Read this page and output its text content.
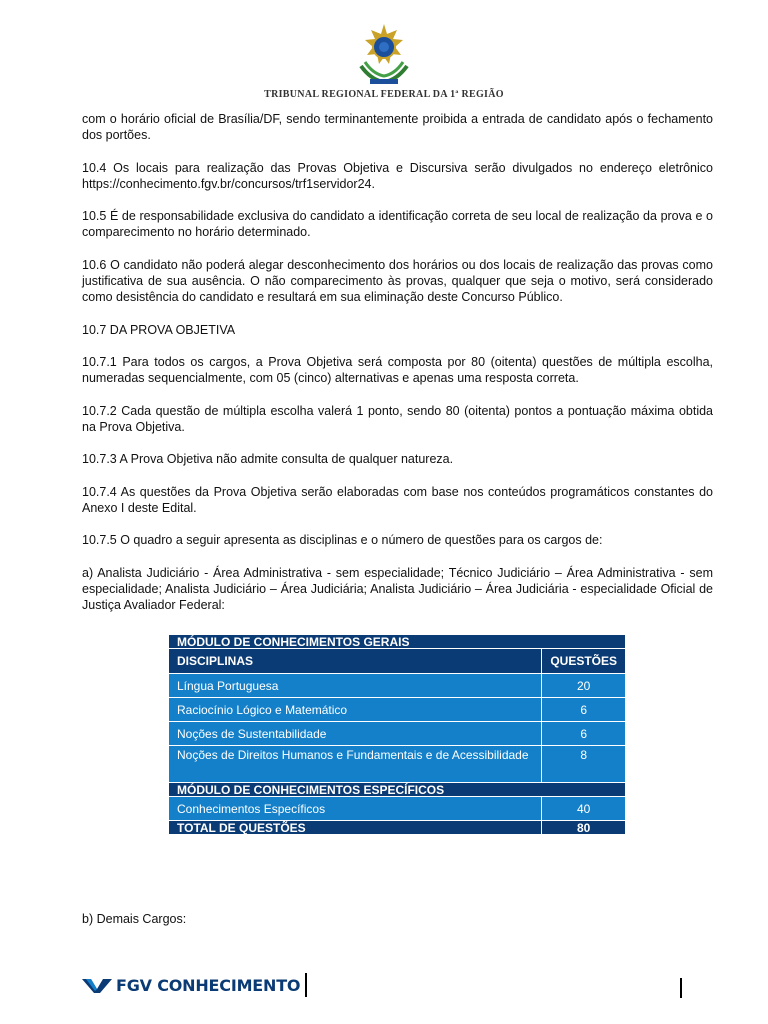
TRIBUNAL REGIONAL FEDERAL DA 1ª REGIÃO

com o horário oficial de Brasília/DF, sendo terminantemente proibida a entrada de candidato após o fechamento dos portões.

10.4 Os locais para realização das Provas Objetiva e Discursiva serão divulgados no endereço eletrônico https://conhecimento.fgv.br/concursos/trf1servidor24.

10.5 É de responsabilidade exclusiva do candidato a identificação correta de seu local de realização da prova e o comparecimento no horário determinado.

10.6 O candidato não poderá alegar desconhecimento dos horários ou dos locais de realização das provas como justificativa de sua ausência. O não comparecimento às provas, qualquer que seja o motivo, será considerado como desistência do candidato e resultará em sua eliminação deste Concurso Público.

10.7 DA PROVA OBJETIVA

10.7.1 Para todos os cargos, a Prova Objetiva será composta por 80 (oitenta) questões de múltipla escolha, numeradas sequencialmente, com 05 (cinco) alternativas e apenas uma resposta correta.

10.7.2 Cada questão de múltipla escolha valerá 1 ponto, sendo 80 (oitenta) pontos a pontuação máxima obtida na Prova Objetiva.

10.7.3 A Prova Objetiva não admite consulta de qualquer natureza.

10.7.4 As questões da Prova Objetiva serão elaboradas com base nos conteúdos programáticos constantes do Anexo I deste Edital.

10.7.5 O quadro a seguir apresenta as disciplinas e o número de questões para os cargos de:

a) Analista Judiciário - Área Administrativa - sem especialidade; Técnico Judiciário – Área Administrativa - sem especialidade; Analista Judiciário – Área Judiciária; Analista Judiciário – Área Judiciária - especialidade Oficial de Justiça Avaliador Federal:

MÓDULO DE CONHECIMENTOS GERAIS	
DISCIPLINAS	QUESTÕES
Língua Portuguesa	20
Raciocínio Lógico e Matemático	6
Noções de Sustentabilidade	6
Noções de Direitos Humanos e Fundamentais e de Acessibilidade	8
MÓDULO DE CONHECIMENTOS ESPECÍFICOS	
Conhecimentos Específicos	40
TOTAL DE QUESTÕES	80
b) Demais Cargos:
FGV CONHECIMENTO
